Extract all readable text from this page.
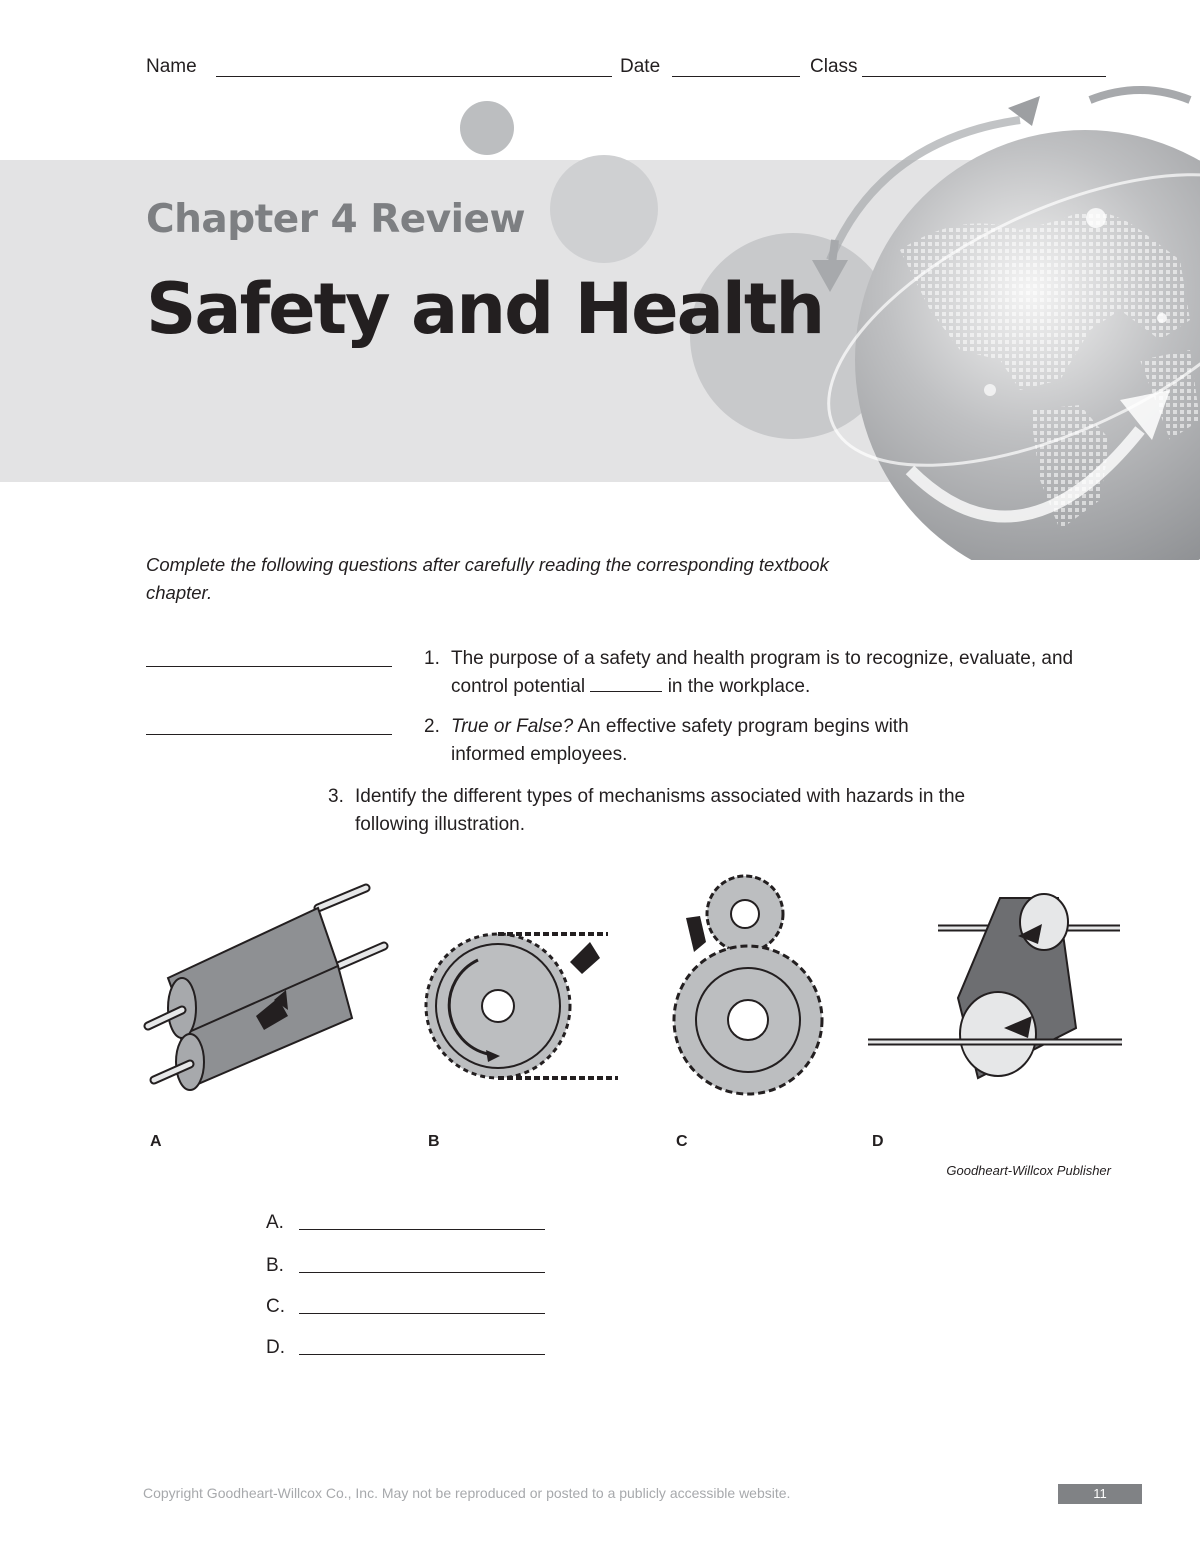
Name	Date	Class
Chapter 4 Review
Safety and Health
Complete the following questions after carefully reading the corresponding textbook chapter.
1. The purpose of a safety and health program is to recognize, evaluate, and control potential	in the workplace.
2. True or False? An effective safety program begins with informed employees.
3. Identify the different types of mechanisms associated with hazards in the following illustration.
A	B	C	D
Goodheart-Willcox Publisher
A.
B.
C.
D.
Copyright Goodheart-Willcox Co., Inc. May not be reproduced or posted to a publicly accessible website.	11
